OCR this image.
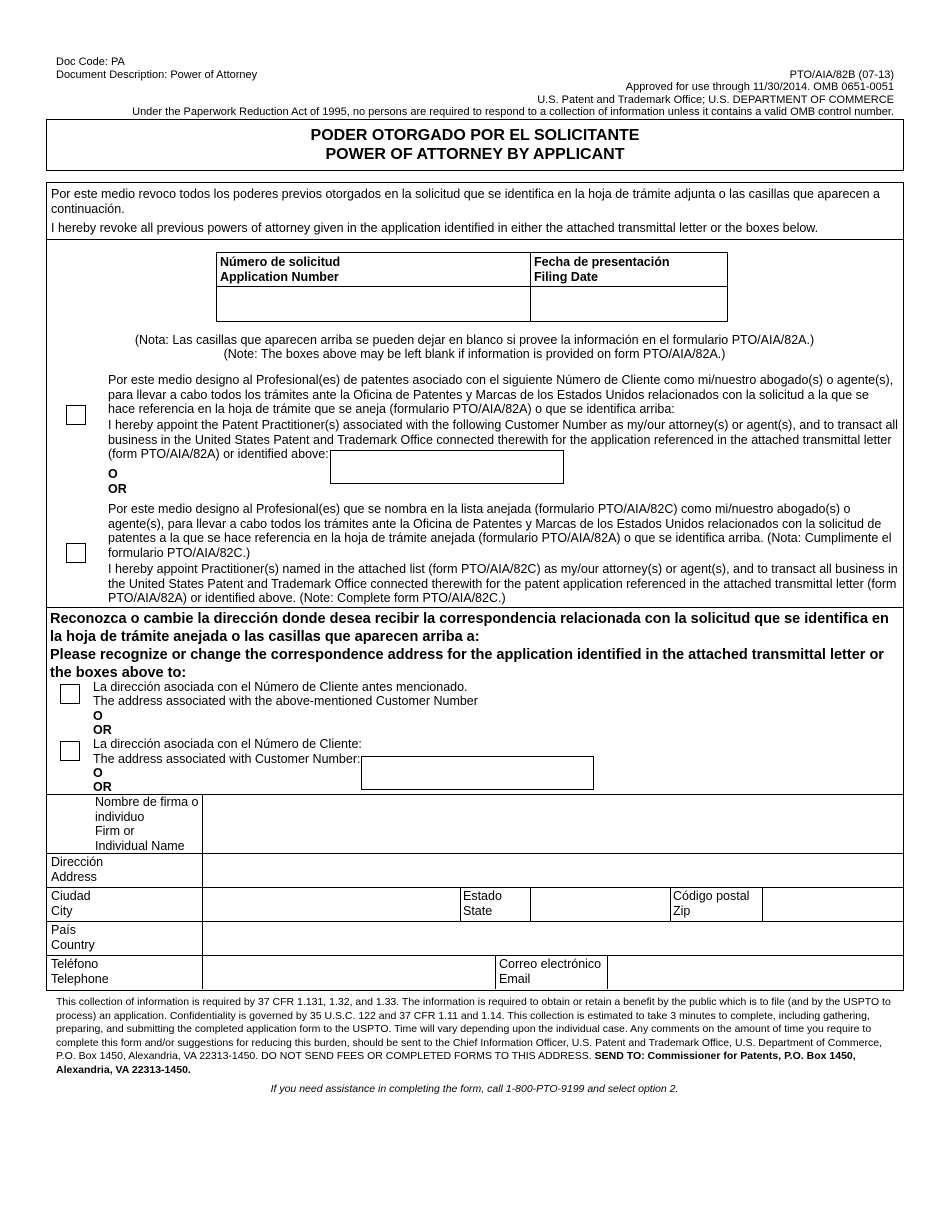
Doc Code: PA
Document Description: Power of Attorney	PTO/AIA/82B (07-13)
Approved for use through 11/30/2014. OMB 0651-0051
U.S. Patent and Trademark Office; U.S. DEPARTMENT OF COMMERCE
Under the Paperwork Reduction Act of 1995, no persons are required to respond to a collection of information unless it contains a valid OMB control number.
PODER OTORGADO POR EL SOLICITANTE
POWER OF ATTORNEY BY APPLICANT
Por este medio revoco todos los poderes previos otorgados en la solicitud que se identifica en la hoja de trámite adjunta o las casillas que aparecen a continuación.
I hereby revoke all previous powers of attorney given in the application identified in either the attached transmittal letter or the boxes below.
Número de solicitud
Application Number
Fecha de presentación
Filing Date
(Nota: Las casillas que aparecen arriba se pueden dejar en blanco si provee la información en el formulario PTO/AIA/82A.)
(Note: The boxes above may be left blank if information is provided on form PTO/AIA/82A.)
Por este medio designo al Profesional(es) de patentes asociado con el siguiente Número de Cliente como mi/nuestro abogado(s) o agente(s), para llevar a cabo todos los trámites ante la Oficina de Patentes y Marcas de los Estados Unidos relacionados con la solicitud a la que se hace referencia en la hoja de trámite que se aneja (formulario PTO/AIA/82A) o que se identifica arriba:
I hereby appoint the Patent Practitioner(s) associated with the following Customer Number as my/our attorney(s) or agent(s), and to transact all business in the United States Patent and Trademark Office connected therewith for the application referenced in the attached transmittal letter (form PTO/AIA/82A) or identified above:
O
OR
Por este medio designo al Profesional(es) que se nombra en la lista anejada (formulario PTO/AIA/82C) como mi/nuestro abogado(s) o agente(s), para llevar a cabo todos los trámites ante la Oficina de Patentes y Marcas de los Estados Unidos relacionados con la solicitud de patentes a la que se hace referencia en la hoja de trámite anejada (formulario PTO/AIA/82A) o que se identifica arriba. (Nota: Cumplimente el formulario PTO/AIA/82C.)
I hereby appoint Practitioner(s) named in the attached list (form PTO/AIA/82C) as my/our attorney(s) or agent(s), and to transact all business in the United States Patent and Trademark Office connected therewith for the patent application referenced in the attached transmittal letter (form PTO/AIA/82A) or identified above. (Note: Complete form PTO/AIA/82C.)
Reconozca o cambie la dirección donde desea recibir la correspondencia relacionada con la solicitud que se identifica en la hoja de trámite anejada o las casillas que aparecen arriba a:
Please recognize or change the correspondence address for the application identified in the attached transmittal letter or the boxes above to:
La dirección asociada con el Número de Cliente antes mencionado.
The address associated with the above-mentioned Customer Number
O
OR
La dirección asociada con el Número de Cliente:
The address associated with Customer Number:
O
OR
Nombre de firma o
individuo
Firm or
Individual Name
Dirección
Address
Ciudad
City
Estado
State
Código postal
Zip
País
Country
Teléfono
Telephone
Correo electrónico
Email
This collection of information is required by 37 CFR 1.131, 1.32, and 1.33. The information is required to obtain or retain a benefit by the public which is to file (and by the USPTO to process) an application. Confidentiality is governed by 35 U.S.C. 122 and 37 CFR 1.11 and 1.14. This collection is estimated to take 3 minutes to complete, including gathering, preparing, and submitting the completed application form to the USPTO. Time will vary depending upon the individual case. Any comments on the amount of time you require to complete this form and/or suggestions for reducing this burden, should be sent to the Chief Information Officer, U.S. Patent and Trademark Office, U.S. Department of Commerce, P.O. Box 1450, Alexandria, VA 22313-1450. DO NOT SEND FEES OR COMPLETED FORMS TO THIS ADDRESS. SEND TO: Commissioner for Patents, P.O. Box 1450, Alexandria, VA 22313-1450.
If you need assistance in completing the form, call 1-800-PTO-9199 and select option 2.
